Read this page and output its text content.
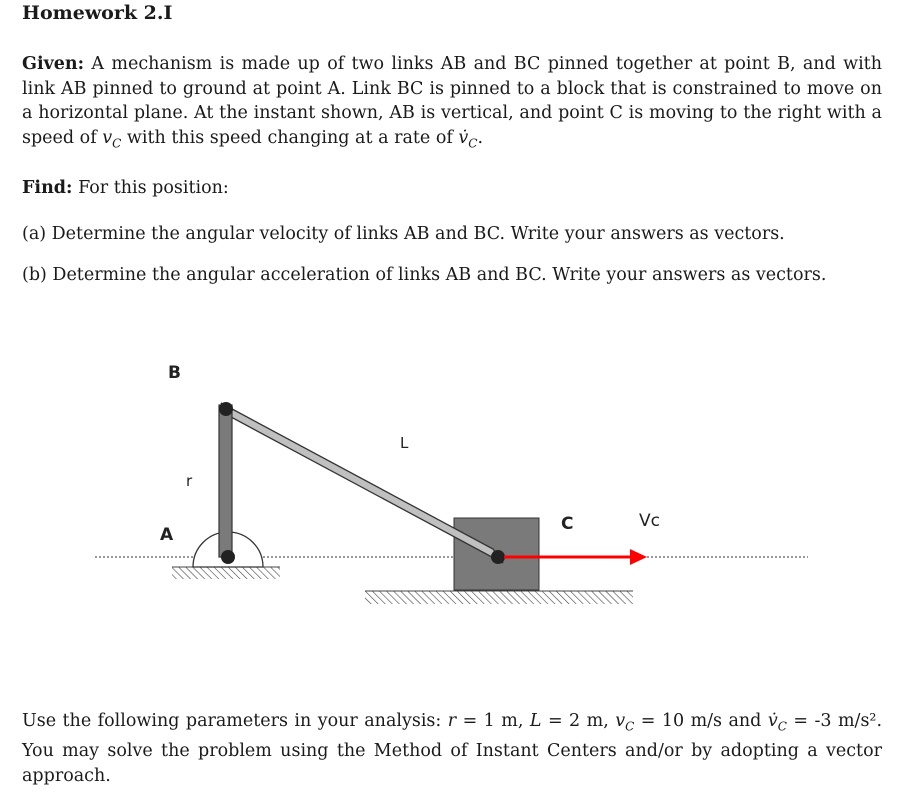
Homework 2.I
Given: A mechanism is made up of two links AB and BC pinned together at point B, and with link AB pinned to ground at point A. Link BC is pinned to a block that is constrained to move on a horizontal plane. At the instant shown, AB is vertical, and point C is moving to the right with a speed of $v_C$ with this speed changing at a rate of $v̇_C$.
Find: For this position:
(a) Determine the angular velocity of links AB and BC. Write your answers as vectors.
(b) Determine the angular acceleration of links AB and BC. Write your answers as vectors.
B
A
r
L
C	Vc
Use the following parameters in your analysis: r = 1 m, L = 2 m, $v_C = 10$ m/s and $v̇_C = -3$ m/s². You may solve the problem using the Method of Instant Centers and/or by adopting a vector approach.
